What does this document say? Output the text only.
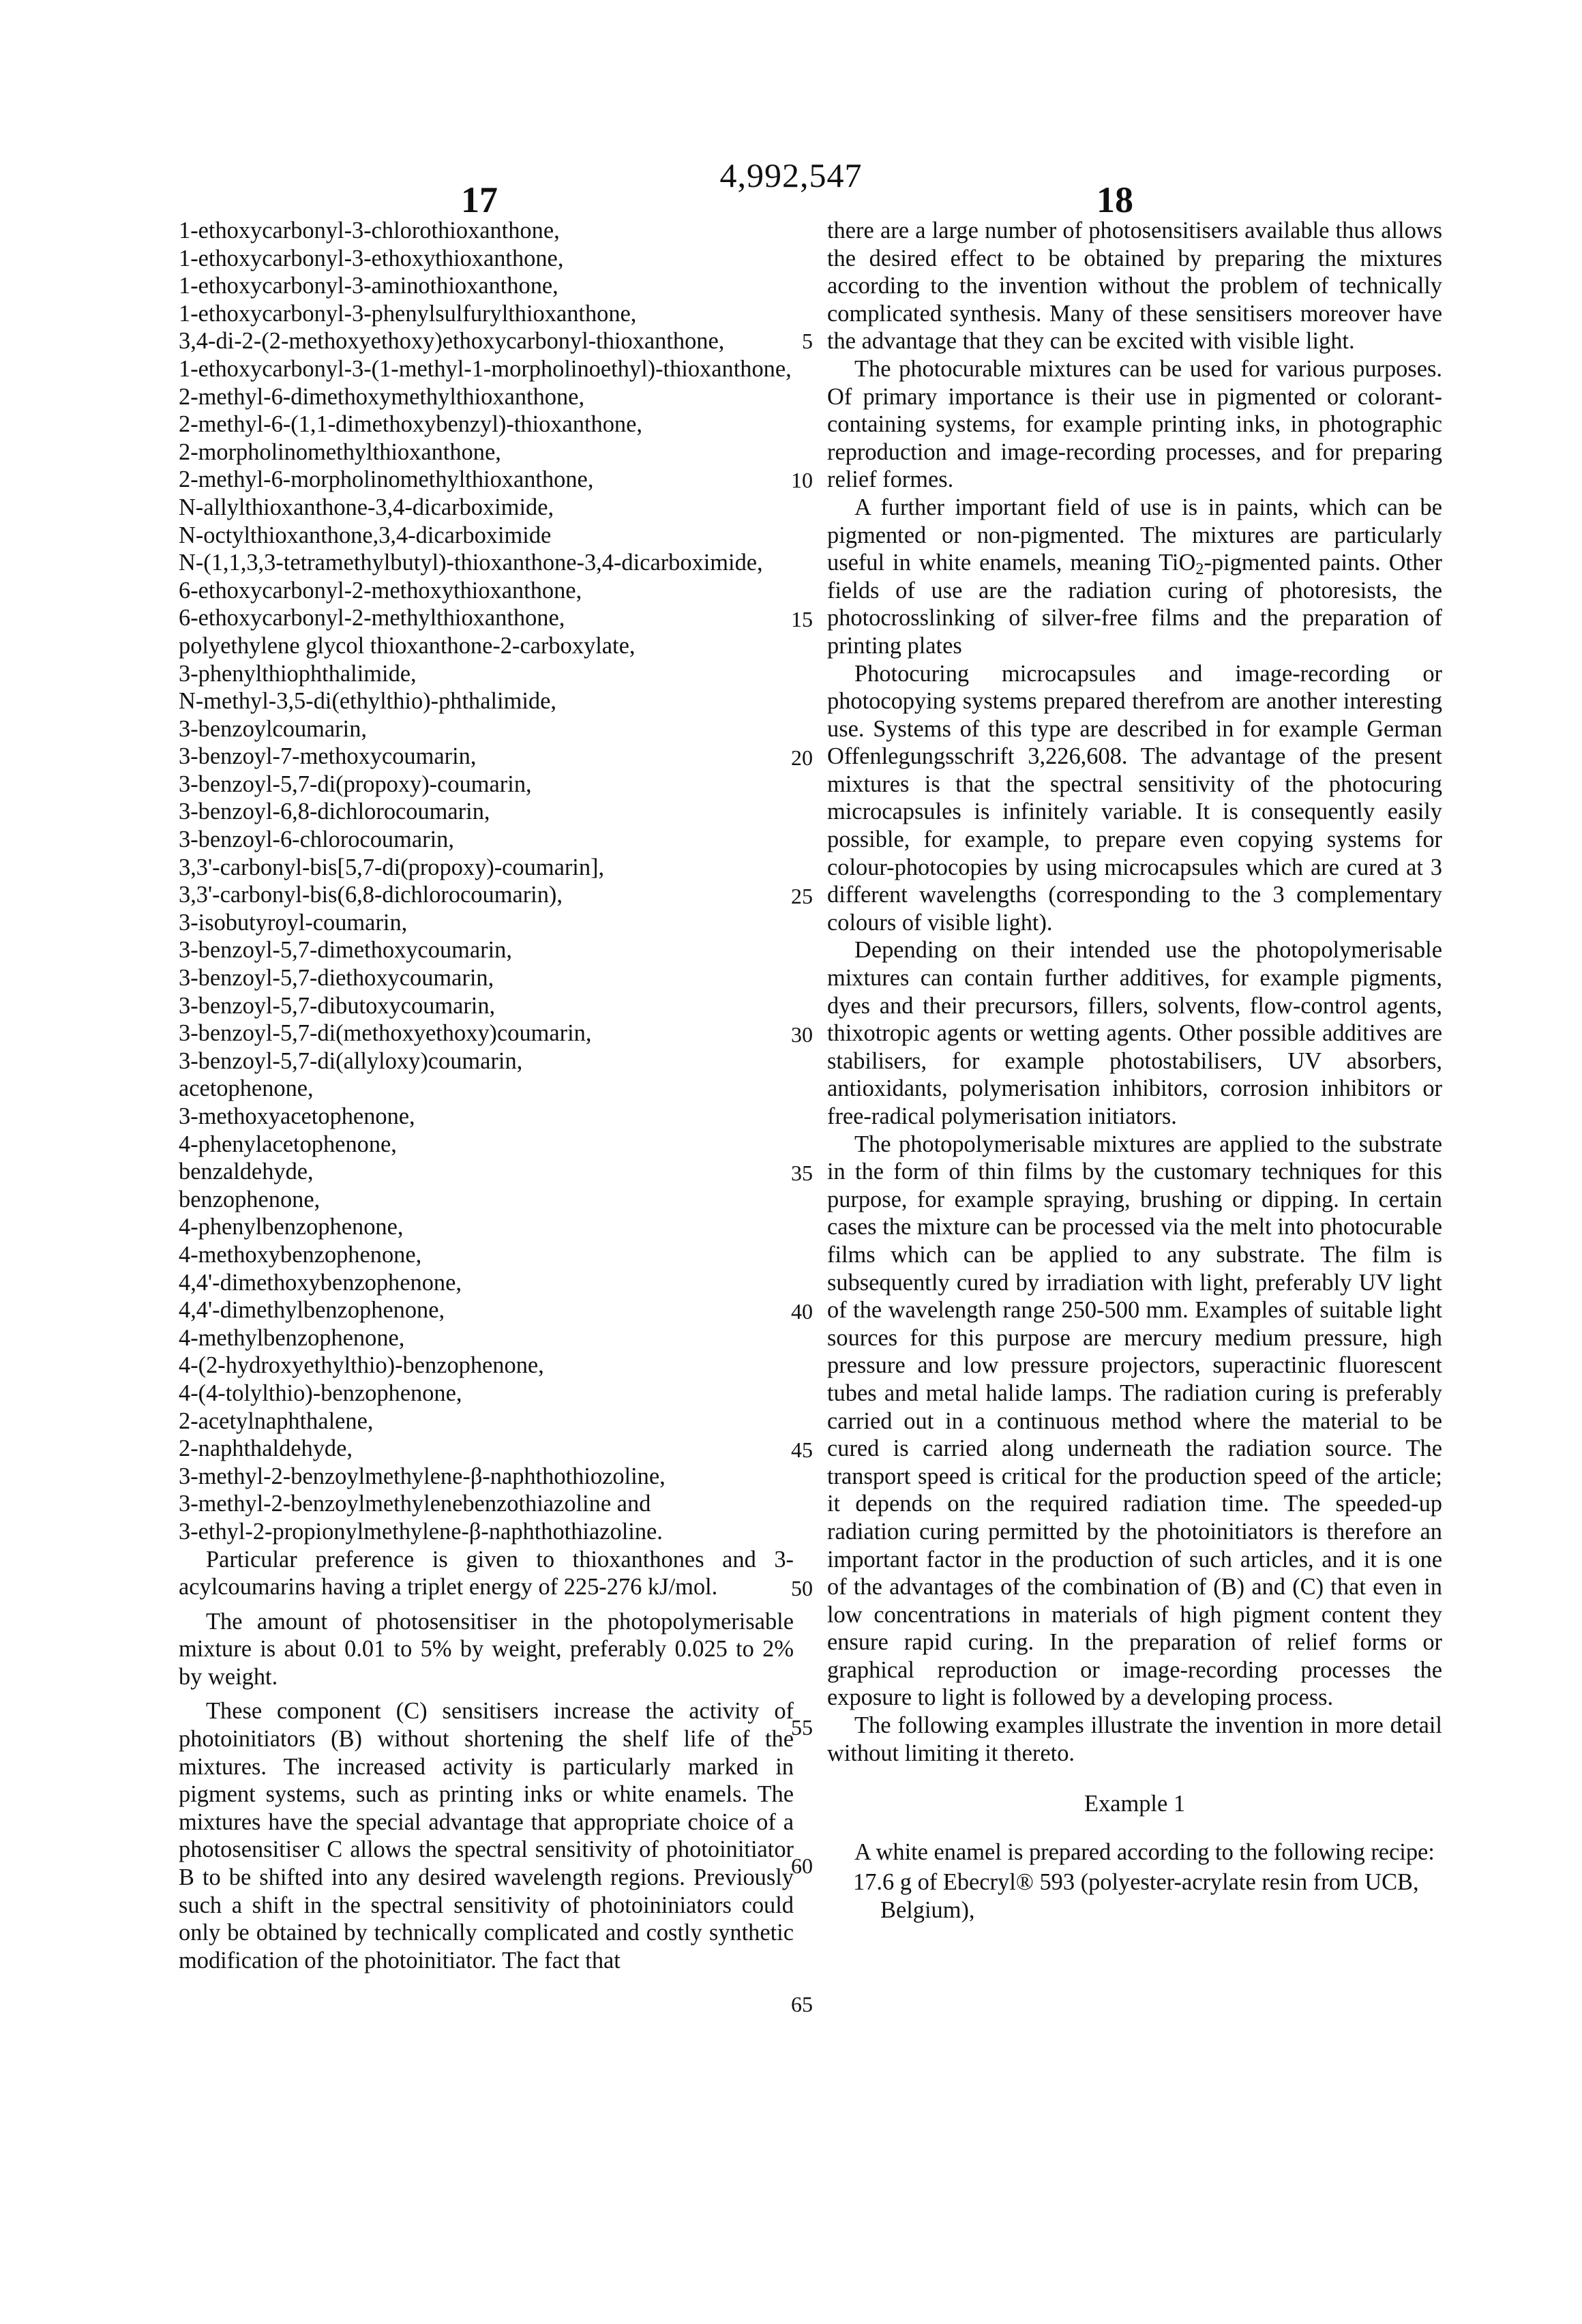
4,992,547
17	18

1-ethoxycarbonyl-3-chlorothioxanthone,

1-ethoxycarbonyl-3-ethoxythioxanthone,

1-ethoxycarbonyl-3-aminothioxanthone,

1-ethoxycarbonyl-3-phenylsulfurylthioxanthone,

3,4-di-2-(2-methoxyethoxy)ethoxycarbonyl-thioxanthone,

1-ethoxycarbonyl-3-(1-methyl-1-morpholinoethyl)-thioxanthone,

2-methyl-6-dimethoxymethylthioxanthone,

2-methyl-6-(1,1-dimethoxybenzyl)-thioxanthone,

2-morpholinomethylthioxanthone,

2-methyl-6-morpholinomethylthioxanthone,

N-allylthioxanthone-3,4-dicarboximide,

N-octylthioxanthone,3,4-dicarboximide

N-(1,1,3,3-tetramethylbutyl)-thioxanthone-3,4-dicarboximide,

6-ethoxycarbonyl-2-methoxythioxanthone,

6-ethoxycarbonyl-2-methylthioxanthone,

polyethylene glycol thioxanthone-2-carboxylate,

3-phenylthiophthalimide,

N-methyl-3,5-di(ethylthio)-phthalimide,

3-benzoylcoumarin,

3-benzoyl-7-methoxycoumarin,

3-benzoyl-5,7-di(propoxy)-coumarin,

3-benzoyl-6,8-dichlorocoumarin,

3-benzoyl-6-chlorocoumarin,

3,3'-carbonyl-bis[5,7-di(propoxy)-coumarin],

3,3'-carbonyl-bis(6,8-dichlorocoumarin),

3-isobutyroyl-coumarin,

3-benzoyl-5,7-dimethoxycoumarin,

3-benzoyl-5,7-diethoxycoumarin,

3-benzoyl-5,7-dibutoxycoumarin,

3-benzoyl-5,7-di(methoxyethoxy)coumarin,

3-benzoyl-5,7-di(allyloxy)coumarin,

acetophenone,

3-methoxyacetophenone,

4-phenylacetophenone,

benzaldehyde,

benzophenone,

4-phenylbenzophenone,

4-methoxybenzophenone,

4,4'-dimethoxybenzophenone,

4,4'-dimethylbenzophenone,

4-methylbenzophenone,

4-(2-hydroxyethylthio)-benzophenone,

4-(4-tolylthio)-benzophenone,

2-acetylnaphthalene,

2-naphthaldehyde,

3-methyl-2-benzoylmethylene-β-naphthothiozoline,

3-methyl-2-benzoylmethylenebenzothiazoline and

3-ethyl-2-propionylmethylene-β-naphthothiazoline.

Particular preference is given to thioxanthones and 3-acylcoumarins having a triplet energy of 225-276 kJ/mol.

The amount of photosensitiser in the photopolymerisable mixture is about 0.01 to 5% by weight, preferably 0.025 to 2% by weight.

These component (C) sensitisers increase the activity of photoinitiators (B) without shortening the shelf life of the mixtures. The increased activity is particularly marked in pigment systems, such as printing inks or white enamels. The mixtures have the special advantage that appropriate choice of a photosensitiser C allows the spectral sensitivity of photoinitiator B to be shifted into any desired wavelength regions. Previously such a shift in the spectral sensitivity of photoininiators could only be obtained by technically complicated and costly synthetic modification of the photoinitiator. The fact that

there are a large number of photosensitisers available thus allows the desired effect to be obtained by preparing the mixtures according to the invention without the problem of technically complicated synthesis. Many of these sensitisers moreover have the advantage that they can be excited with visible light.

The photocurable mixtures can be used for various purposes. Of primary importance is their use in pigmented or colorant-containing systems, for example printing inks, in photographic reproduction and image-recording processes, and for preparing relief formes.

A further important field of use is in paints, which can be pigmented or non-pigmented. The mixtures are particularly useful in white enamels, meaning TiO2-pigmented paints. Other fields of use are the radiation curing of photoresists, the photocrosslinking of silver-free films and the preparation of printing plates

Photocuring microcapsules and image-recording or photocopying systems prepared therefrom are another interesting use. Systems of this type are described in for example German Offenlegungsschrift 3,226,608. The advantage of the present mixtures is that the spectral sensitivity of the photocuring microcapsules is infinitely variable. It is consequently easily possible, for example, to prepare even copying systems for colour-photocopies by using microcapsules which are cured at 3 different wavelengths (corresponding to the 3 complementary colours of visible light).

Depending on their intended use the photopolymerisable mixtures can contain further additives, for example pigments, dyes and their precursors, fillers, solvents, flow-control agents, thixotropic agents or wetting agents. Other possible additives are stabilisers, for example photostabilisers, UV absorbers, antioxidants, polymerisation inhibitors, corrosion inhibitors or free-radical polymerisation initiators.

The photopolymerisable mixtures are applied to the substrate in the form of thin films by the customary techniques for this purpose, for example spraying, brushing or dipping. In certain cases the mixture can be processed via the melt into photocurable films which can be applied to any substrate. The film is subsequently cured by irradiation with light, preferably UV light of the wavelength range 250-500 mm. Examples of suitable light sources for this purpose are mercury medium pressure, high pressure and low pressure projectors, superactinic fluorescent tubes and metal halide lamps. The radiation curing is preferably carried out in a continuous method where the material to be cured is carried along underneath the radiation source. The transport speed is critical for the production speed of the article; it depends on the required radiation time. The speeded-up radiation curing permitted by the photoinitiators is therefore an important factor in the production of such articles, and it is one of the advantages of the combination of (B) and (C) that even in low concentrations in materials of high pigment content they ensure rapid curing. In the preparation of relief forms or graphical reproduction or image-recording processes the exposure to light is followed by a developing process.

The following examples illustrate the invention in more detail without limiting it thereto.

Example 1

A white enamel is prepared according to the following recipe:

17.6 g of Ebecryl® 593 (polyester-acrylate resin from UCB, Belgium),

5
10
15
20
25
30
35
40
45
50
55
60
65
